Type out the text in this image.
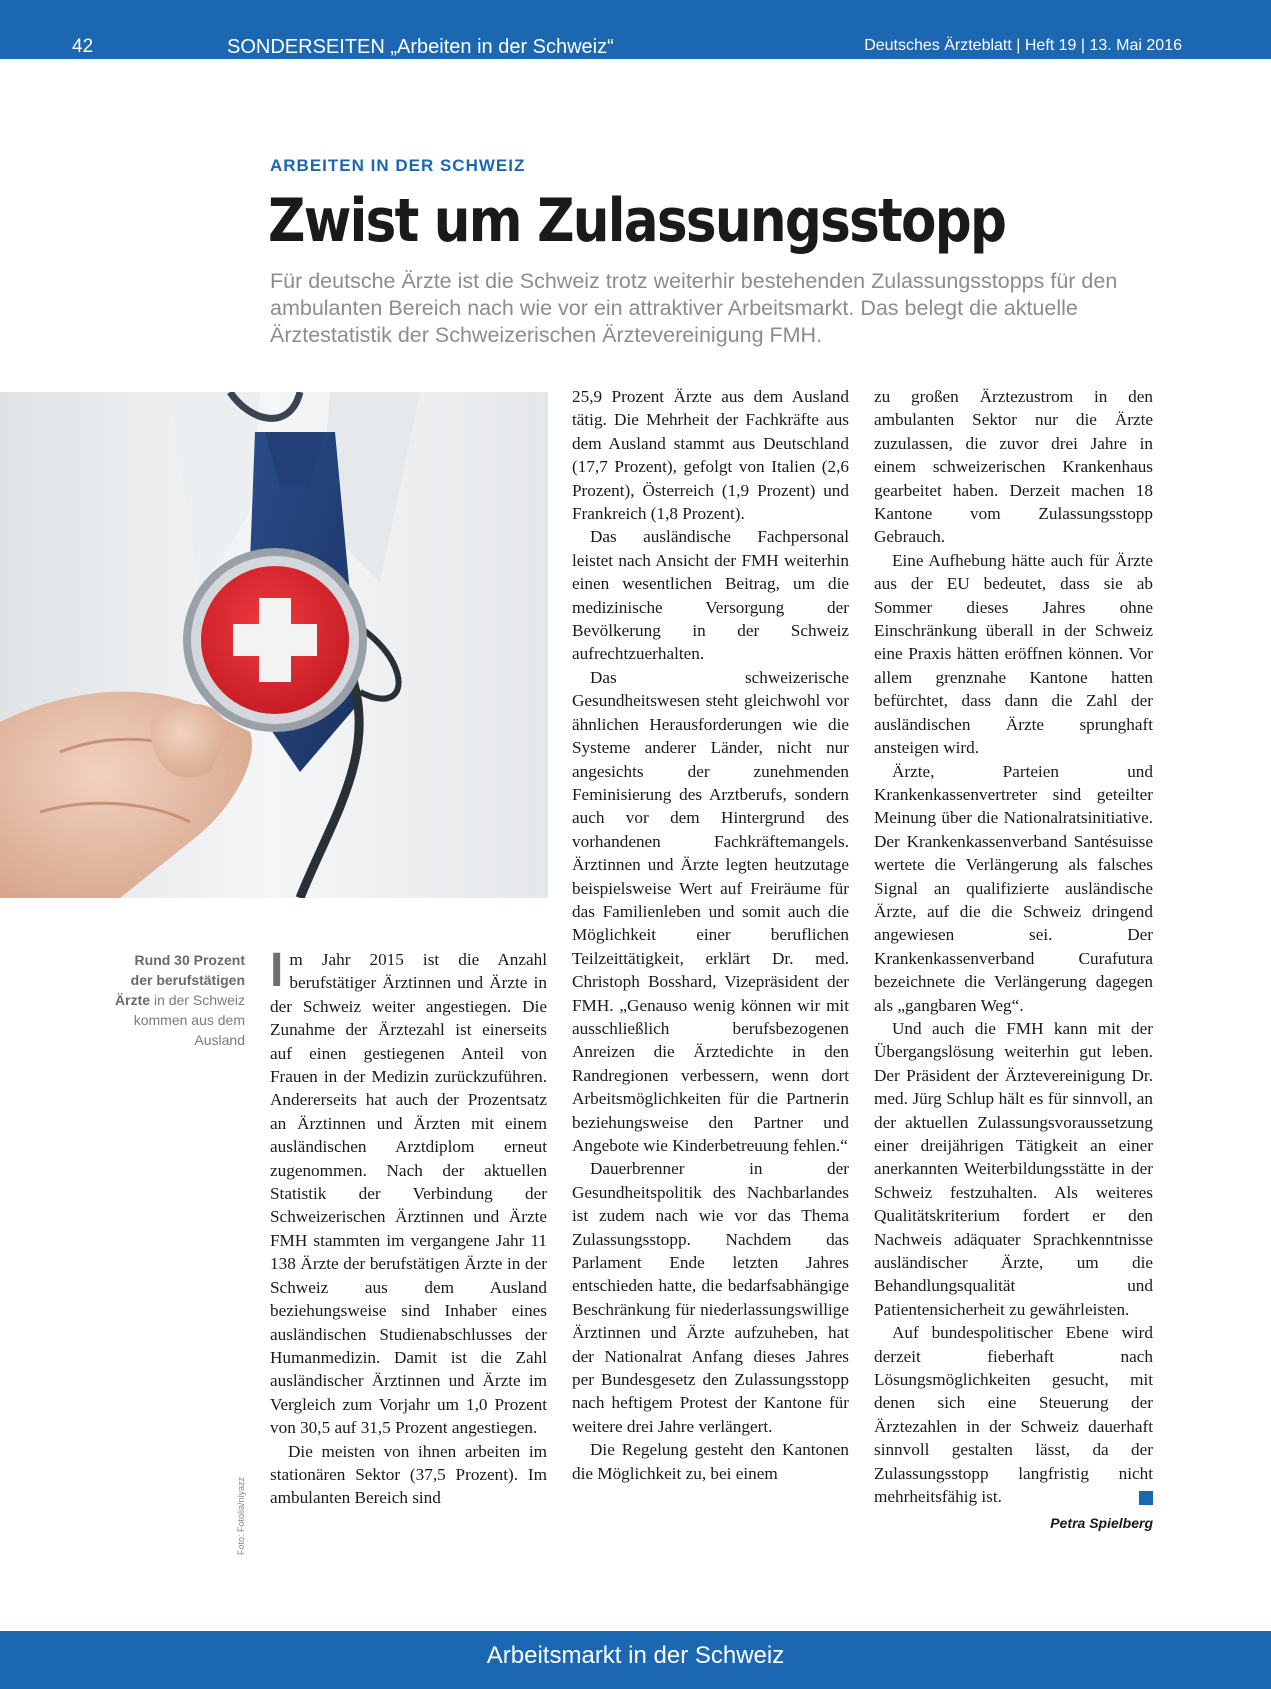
42	SONDERSEITEN „Arbeiten in der Schweiz“	Deutsches Ärzteblatt | Heft 19 | 13. Mai 2016
ARBEITEN IN DER SCHWEIZ
Zwist um Zulassungsstopp
Für deutsche Ärzte ist die Schweiz trotz weiterhir bestehenden Zulassungsstopps für den ambulanten Bereich nach wie vor ein attraktiver Arbeitsmarkt. Das belegt die aktuelle Ärztestatistik der Schweizerischen Ärztevereinigung FMH.
Rund 30 Prozent der berufstätigen Ärzte in der Schweiz kommen aus dem Ausland
Foto: Fotolia/niyazz

Im Jahr 2015 ist die Anzahl berufstätiger Ärztinnen und Ärzte in der Schweiz weiter angestiegen. Die Zunahme der Ärztezahl ist einerseits auf einen gestiegenen Anteil von Frauen in der Medizin zurückzuführen. Andererseits hat auch der Prozentsatz an Ärztinnen und Ärzten mit einem ausländischen Arztdiplom erneut zugenommen. Nach der aktuellen Statistik der Verbindung der Schweizerischen Ärztinnen und Ärzte FMH stammten im vergangene Jahr 11 138 Ärzte der berufstätigen Ärzte in der Schweiz aus dem Ausland beziehungsweise sind Inhaber eines ausländischen Studienabschlusses der Humanmedizin. Damit ist die Zahl ausländischer Ärztinnen und Ärzte im Vergleich zum Vorjahr um 1,0 Prozent von 30,5 auf 31,5 Prozent angestiegen.

Die meisten von ihnen arbeiten im stationären Sektor (37,5 Prozent). Im ambulanten Bereich sind

25,9 Prozent Ärzte aus dem Ausland tätig. Die Mehrheit der Fachkräfte aus dem Ausland stammt aus Deutschland (17,7 Prozent), gefolgt von Italien (2,6 Prozent), Österreich (1,9 Prozent) und Frankreich (1,8 Prozent).

Das ausländische Fachpersonal leistet nach Ansicht der FMH weiterhin einen wesentlichen Beitrag, um die medizinische Versorgung der Bevölkerung in der Schweiz aufrechtzuerhalten.

Das schweizerische Gesundheitswesen steht gleichwohl vor ähnlichen Herausforderungen wie die Systeme anderer Länder, nicht nur angesichts der zunehmenden Feminisierung des Arztberufs, sondern auch vor dem Hintergrund des vorhandenen Fachkräftemangels. Ärztinnen und Ärzte legten heutzutage beispielsweise Wert auf Freiräume für das Familienleben und somit auch die Möglichkeit einer beruflichen Teilzeittätigkeit, erklärt Dr. med. Christoph Bosshard, Vizepräsident der FMH. „Genauso wenig können wir mit ausschließlich berufsbezogenen Anreizen die Ärztedichte in den Randregionen verbessern, wenn dort Arbeitsmöglichkeiten für die Partnerin beziehungsweise den Partner und Angebote wie Kinderbetreuung fehlen.“

Dauerbrenner in der Gesundheitspolitik des Nachbarlandes ist zudem nach wie vor das Thema Zulassungsstopp. Nachdem das Parlament Ende letzten Jahres entschieden hatte, die bedarfsabhängige Beschränkung für niederlassungswillige Ärztinnen und Ärzte aufzuheben, hat der Nationalrat Anfang dieses Jahres per Bundesgesetz den Zulassungsstopp nach heftigem Protest der Kantone für weitere drei Jahre verlängert.

Die Regelung gesteht den Kantonen die Möglichkeit zu, bei einem

zu großen Ärztezustrom in den ambulanten Sektor nur die Ärzte zuzulassen, die zuvor drei Jahre in einem schweizerischen Krankenhaus gearbeitet haben. Derzeit machen 18 Kantone vom Zulassungsstopp Gebrauch.

Eine Aufhebung hätte auch für Ärzte aus der EU bedeutet, dass sie ab Sommer dieses Jahres ohne Einschränkung überall in der Schweiz eine Praxis hätten eröffnen können. Vor allem grenznahe Kantone hatten befürchtet, dass dann die Zahl der ausländischen Ärzte sprunghaft ansteigen wird.

Ärzte, Parteien und Krankenkassenvertreter sind geteilter Meinung über die Nationalratsinitiative. Der Krankenkassenverband Santésuisse wertete die Verlängerung als falsches Signal an qualifizierte ausländische Ärzte, auf die die Schweiz dringend angewiesen sei. Der Krankenkassenverband Curafutura bezeichnete die Verlängerung dagegen als „gangbaren Weg“.

Und auch die FMH kann mit der Übergangslösung weiterhin gut leben. Der Präsident der Ärztevereinigung Dr. med. Jürg Schlup hält es für sinnvoll, an der aktuellen Zulassungsvoraussetzung einer dreijährigen Tätigkeit an einer anerkannten Weiterbildungsstätte in der Schweiz festzuhalten. Als weiteres Qualitätskriterium fordert er den Nachweis adäquater Sprachkenntnisse ausländischer Ärzte, um die Behandlungsqualität und Patientensicherheit zu gewährleisten.

Auf bundespolitischer Ebene wird derzeit fieberhaft nach Lösungsmöglichkeiten gesucht, mit denen sich eine Steuerung der Ärztezahlen in der Schweiz dauerhaft sinnvoll gestalten lässt, da der Zulassungsstopp langfristig nicht mehrheitsfähig ist.

Petra Spielberg
Arbeitsmarkt in der Schweiz
